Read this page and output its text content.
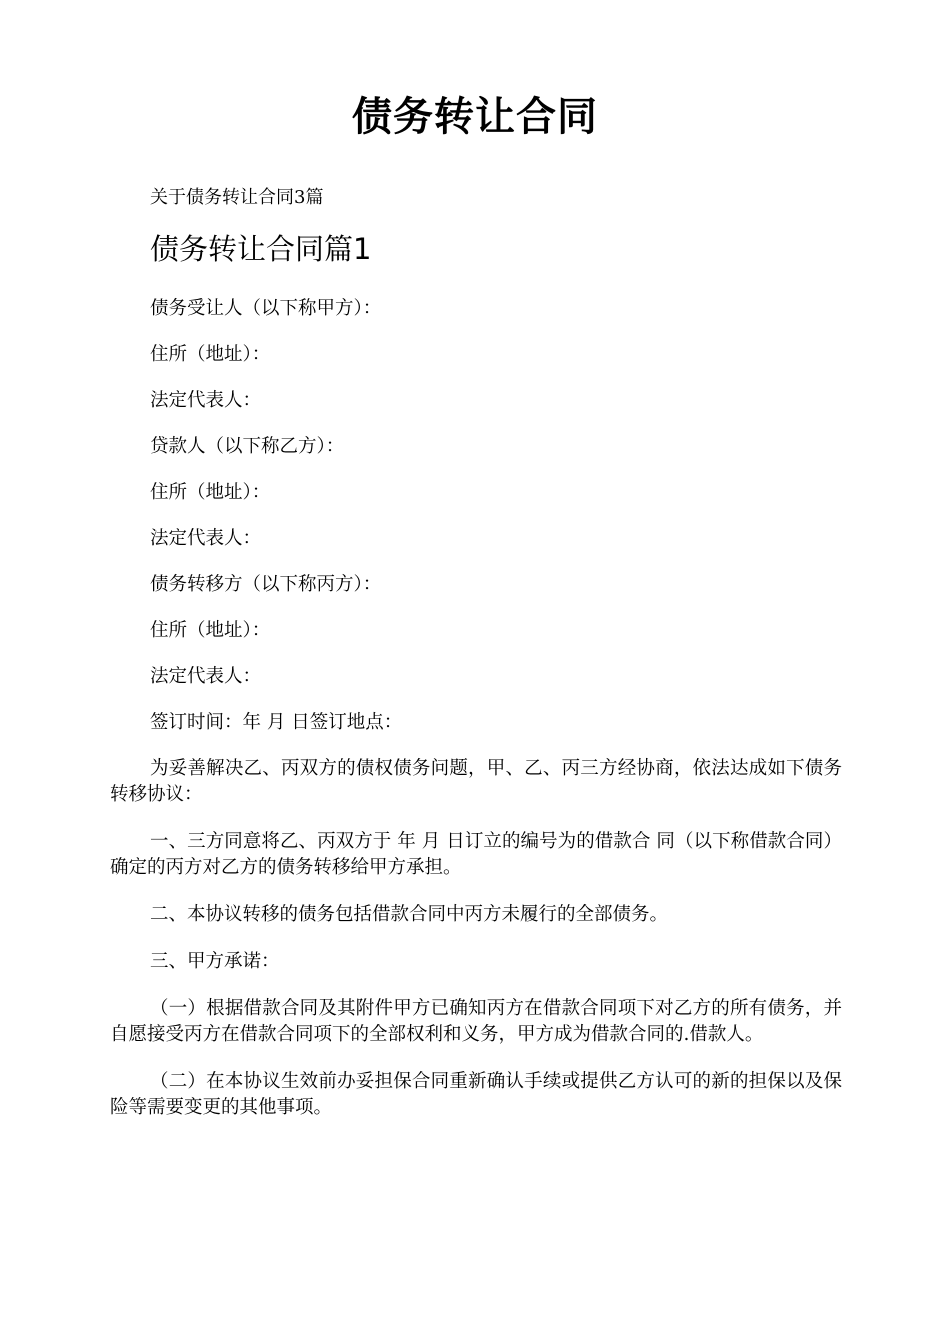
债务转让合同

关于债务转让合同3篇

债务转让合同篇1

债务受让人（以下称甲方）：

住所（地址）：

法定代表人：

贷款人（以下称乙方）：

住所（地址）：

法定代表人：

债务转移方（以下称丙方）：

住所（地址）：

法定代表人：

签订时间：年 月 日签订地点：

为妥善解决乙、丙双方的债权债务问题，甲、乙、丙三方经协商，依法达成如下债务转移协议：

一、三方同意将乙、丙双方于 年 月 日订立的编号为的借款合 同（以下称借款合同）确定的丙方对乙方的债务转移给甲方承担。

二、本协议转移的债务包括借款合同中丙方未履行的全部债务。

三、甲方承诺：

（一）根据借款合同及其附件甲方已确知丙方在借款合同项下对乙方的所有债务，并自愿接受丙方在借款合同项下的全部权利和义务，甲方成为借款合同的.借款人。

（二）在本协议生效前办妥担保合同重新确认手续或提供乙方认可的新的担保以及保险等需要变更的其他事项。
